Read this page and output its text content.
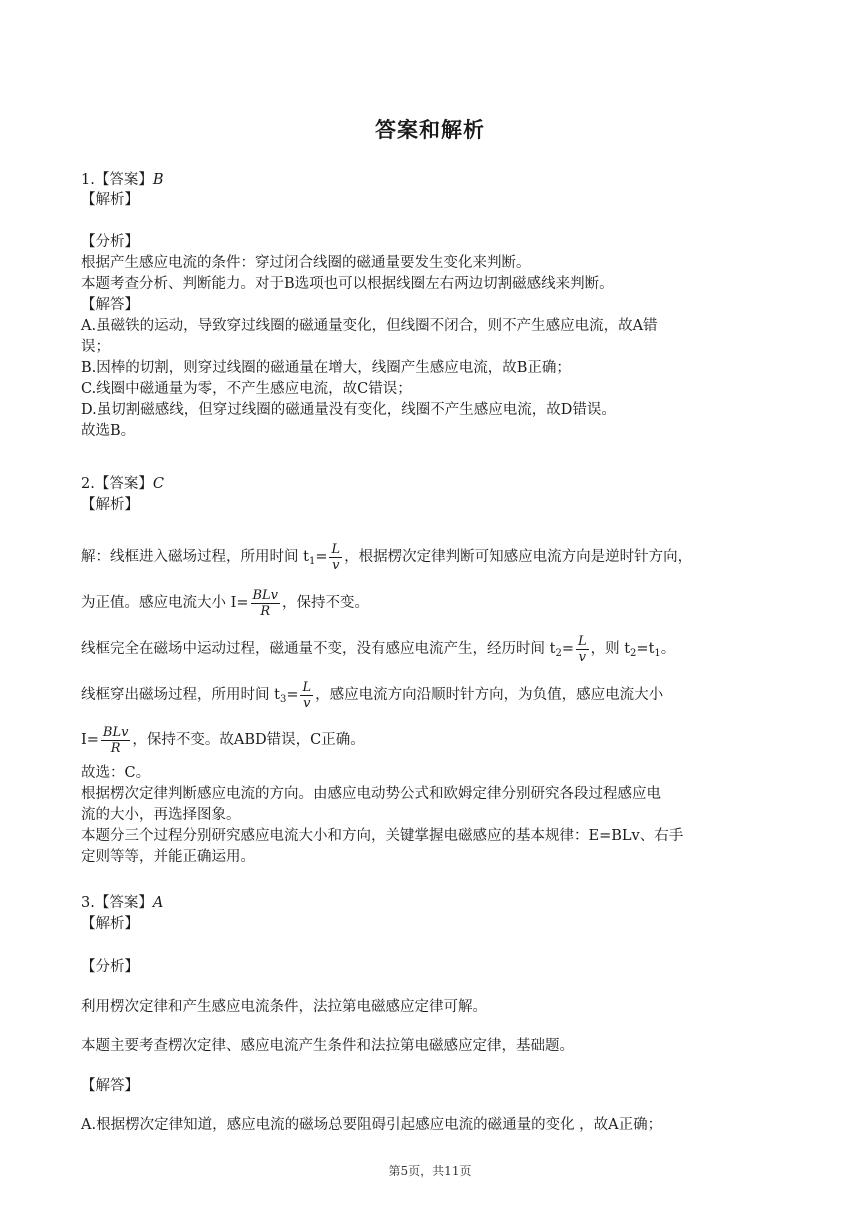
答案和解析
1.【答案】B
【解析】
【分析】
根据产生感应电流的条件：穿过闭合线圈的磁通量要发生变化来判断。
本题考查分析、判断能力。对于B选项也可以根据线圈左右两边切割磁感线来判断。
【解答】
A.虽磁铁的运动，导致穿过线圈的磁通量变化，但线圈不闭合，则不产生感应电流，故A错
误；
B.因棒的切割，则穿过线圈的磁通量在增大，线圈产生感应电流，故B正确；
C.线圈中磁通量为零，不产生感应电流，故C错误；
D.虽切割磁感线，但穿过线圈的磁通量没有变化，线圈不产生感应电流，故D错误。
故选B。
2.【答案】C
【解析】
解：线框进入磁场过程，所用时间 $t_1= \frac{L}{v}$ ，根据楞次定律判断可知感应电流方向是逆时针方向，
为正值。感应电流大小 $I= \frac{\text{BLv}}{R}$ ，保持不变。
线框完全在磁场中运动过程，磁通量不变，没有感应电流产生，经历时间 $t_2= \frac{L}{v}$ ，则 $t_2=t_1$。
线框穿出磁场过程，所用时间 $t_3= \frac{L}{v}$ ，感应电流方向沿顺时针方向，为负值，感应电流大小
$I= \frac{\text{BLv}}{R}$ ，保持不变。故ABD错误，C正确。
故选：C。
根据楞次定律判断感应电流的方向。由感应电动势公式和欧姆定律分别研究各段过程感应电
流的大小，再选择图象。
本题分三个过程分别研究感应电流大小和方向，关键掌握电磁感应的基本规律：E=BLv、右手
定则等等，并能正确运用。
3.【答案】A
【解析】
【分析】
利用楞次定律和产生感应电流条件，法拉第电磁感应定律可解。
本题主要考查楞次定律、感应电流产生条件和法拉第电磁感应定律，基础题。
【解答】
A.根据楞次定律知道，感应电流的磁场总要阻碍引起感应电流的磁通量的变化 ，故A正确；
第5页，共11页
